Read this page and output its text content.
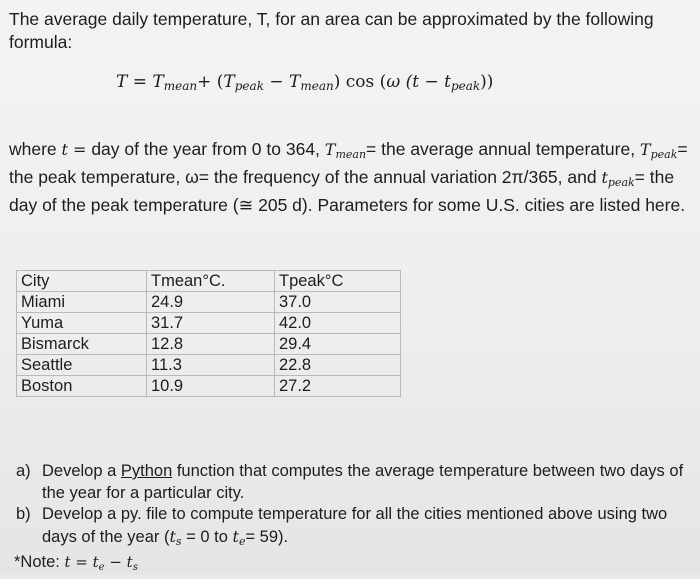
The average daily temperature, T, for an area can be approximated by the following formula:

$T = T_{mean}+ (T_{peak} - T_{mean})$ cos (ω $(t - t_{peak})$)

where t = day of the year from 0 to 364, $T_{mean}=$ the average annual temperature, $T_{peak}=$ the peak temperature, ω= the frequency of the annual variation 2π/365, and $t_{peak}=$ the day of the peak temperature (≅ 205 d). Parameters for some U.S. cities are listed here.

City	Tmean°C.	Tpeak°C
Miami	24.9	37.0
Yuma	31.7	42.0
Bismarck	12.8	29.4
Seattle	11.3	22.8
Boston	10.9	27.2
a) Develop a Python function that computes the average temperature between two days of the year for a particular city.
b) Develop a py. file to compute temperature for all the cities mentioned above using two days of the year ($t_s = 0$ to $t_e= 59$).
*Note: $t = t_e - t_s$
